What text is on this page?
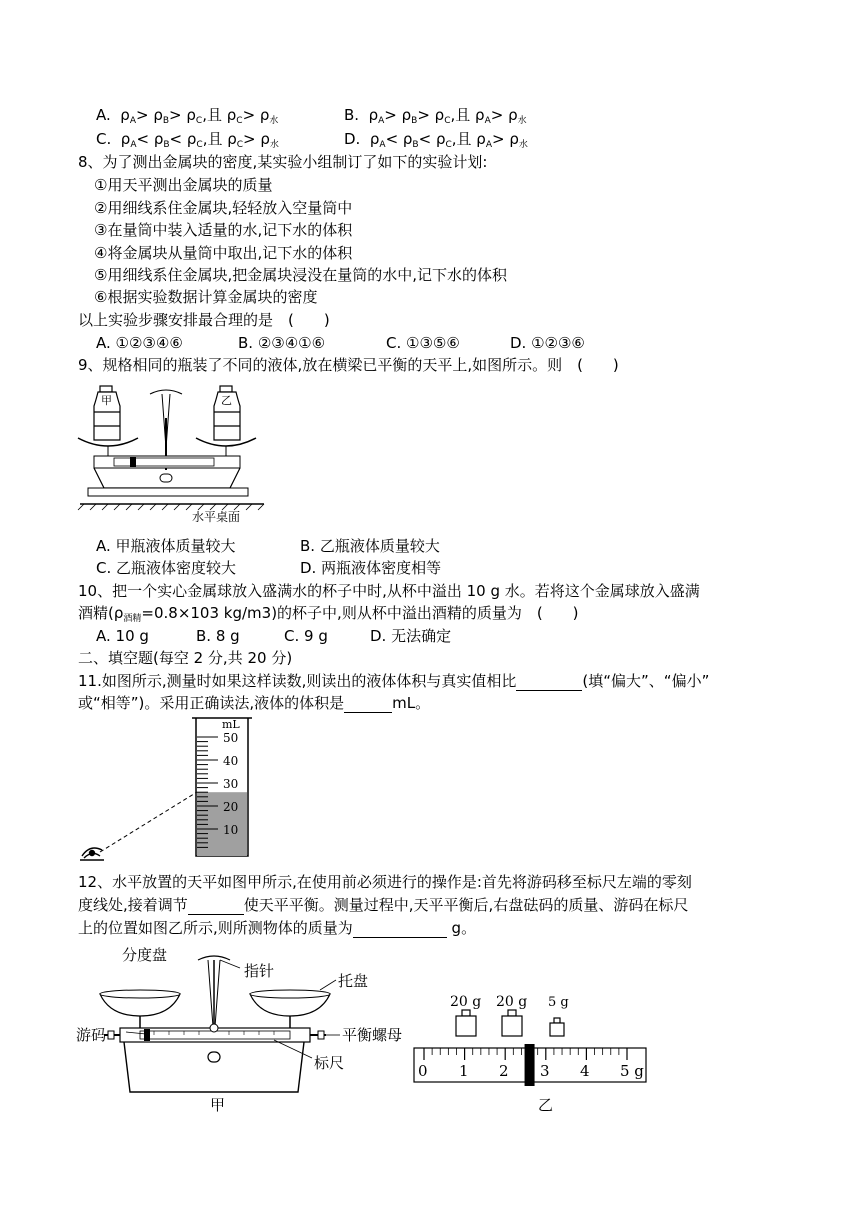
A.  $\rho_A> \rho_B> \rho_C$,且 $\rho_C> \rho_水$	B.  $\rho_A> \rho_B> \rho_C$,且 $\rho_A> \rho_水$
C.  $\rho_A< \rho_B< \rho_C$,且 $\rho_C> \rho_水$	D.  $\rho_A< \rho_B< \rho_C$,且 $\rho_A> \rho_水$
8、为了测出金属块的密度,某实验小组制订了如下的实验计划:
①用天平测出金属块的质量
②用细线系住金属块,轻轻放入空量筒中
③在量筒中装入适量的水,记下水的体积
④将金属块从量筒中取出,记下水的体积
⑤用细线系住金属块,把金属块浸没在量筒的水中,记下水的体积
⑥根据实验数据计算金属块的密度
以上实验步骤安排最合理的是　(　　)
A. ①②③④⑥	B. ②③④①⑥	C. ①③⑤⑥	D. ①②③⑥
9、规格相同的瓶装了不同的液体,放在横梁已平衡的天平上,如图所示。则　(　　)
甲	乙
水平桌面
A. 甲瓶液体质量较大	B. 乙瓶液体质量较大
C. 乙瓶液体密度较大	D. 两瓶液体密度相等
10、把一个实心金属球放入盛满水的杯子中时,从杯中溢出 10 g 水。若将这个金属球放入盛满
酒精($\rho_{酒精}=0.8\times 103$ kg/m3)的杯子中,则从杯中溢出酒精的质量为　(　　)
A. 10 g	B. 8 g	C. 9 g	D. 无法确定
二、填空题(每空 2 分,共 20 分)
11.如图所示,测量时如果这样读数,则读出的液体体积与真实值相比	(填“偏大”、“偏小”
或“相等”)。采用正确读法,液体的体积是	mL。
mL
50
40
30
20
10
12、水平放置的天平如图甲所示,在使用前必须进行的操作是:首先将游码移至标尺左端的零刻
度线处,接着调节	使天平平衡。测量过程中,天平平衡后,右盘砝码的质量、游码在标尺
上的位置如图乙所示,则所测物体的质量为	g。
分度盘
指针
托盘
游码	平衡螺母
标尺
甲
20 g 20 g 5 g
0 1 2 3 4 5 g
乙
